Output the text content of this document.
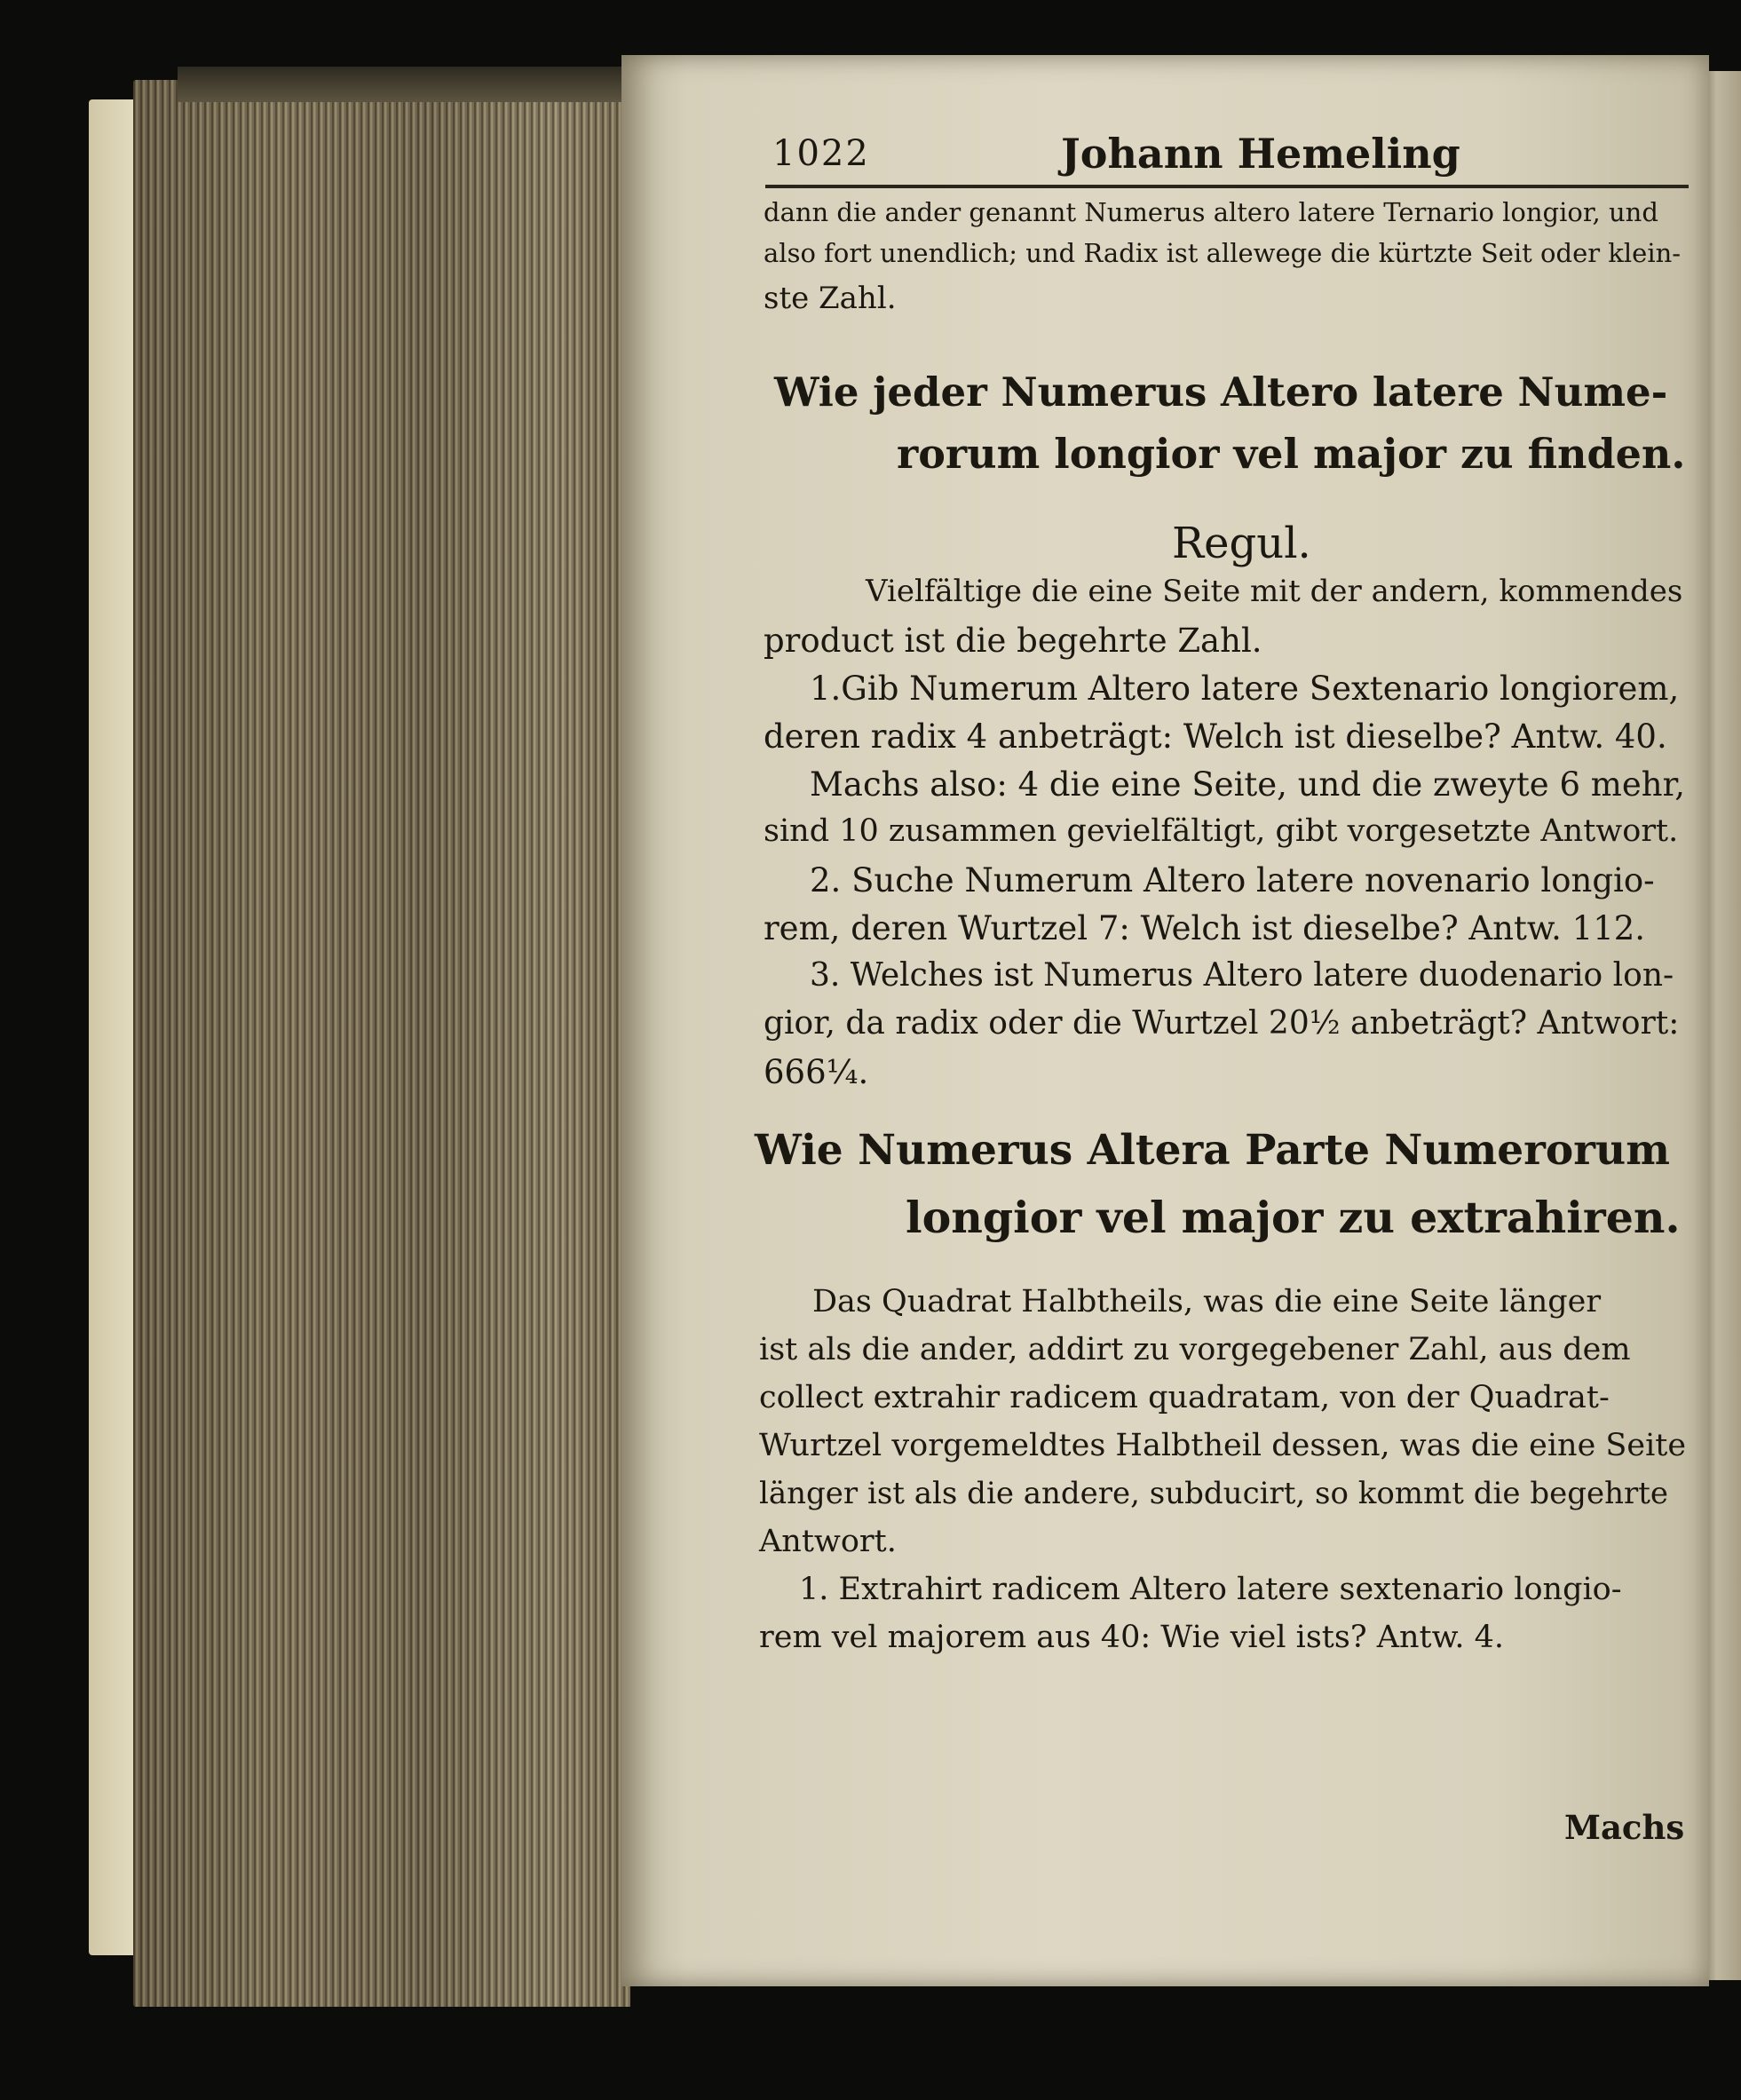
1022	Johann Hemeling
dann die ander genannt Numerus altero latere Ternario longior, und
also fort unendlich; und Radix ist allewege die kürtzte Seit oder klein-
ste Zahl.
Wie jeder Numerus Altero latere Nume-
rorum longior vel major zu finden.
Regul.
Vielfältige die eine Seite mit der andern, kommendes
product ist die begehrte Zahl.
1.Gib Numerum Altero latere Sextenario longiorem,
deren radix 4 anbeträgt: Welch ist dieselbe? Antw. 40.
Machs also: 4 die eine Seite, und die zweyte 6 mehr,
sind 10 zusammen gevielfältigt, gibt vorgesetzte Antwort.
2. Suche Numerum Altero latere novenario longio-
rem, deren Wurtzel 7: Welch ist dieselbe? Antw. 112.
3. Welches ist Numerus Altero latere duodenario lon-
gior, da radix oder die Wurtzel 20½ anbeträgt? Antwort:
666¼.
Wie Numerus Altera Parte Numerorum
longior vel major zu extrahiren.
Das Quadrat Halbtheils, was die eine Seite länger
ist als die ander, addirt zu vorgegebener Zahl, aus dem
collect extrahir radicem quadratam, von der Quadrat-
Wurtzel vorgemeldtes Halbtheil dessen, was die eine Seite
länger ist als die andere, subducirt, so kommt die begehrte
Antwort.
1. Extrahirt radicem Altero latere sextenario longio-
rem vel majorem aus 40: Wie viel ists? Antw. 4.
Machs
